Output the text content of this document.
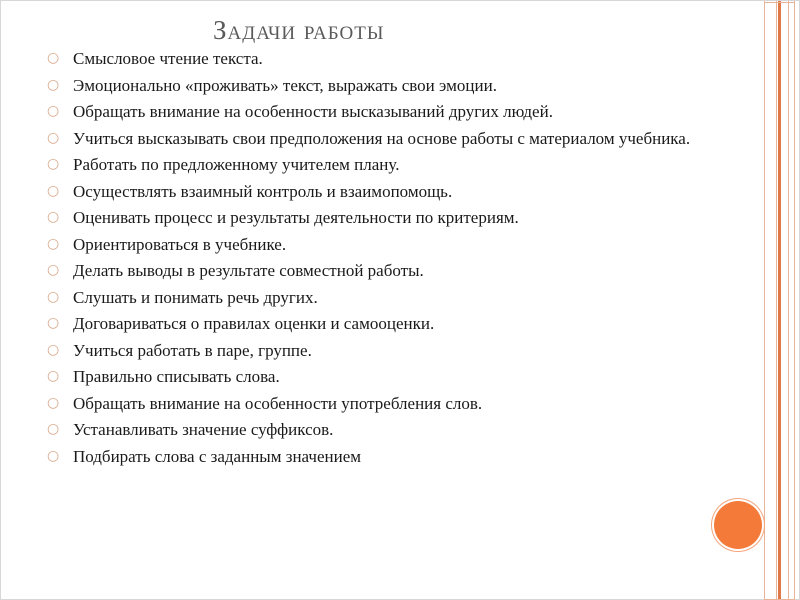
Задачи работы
○ Смысловое чтение текста.
○ Эмоционально «проживать» текст, выражать свои эмоции.
○ Обращать внимание на особенности высказываний других людей.
○ Учиться высказывать свои предположения на основе работы с материалом учебника.
○ Работать по предложенному учителем плану.
○ Осуществлять взаимный контроль и взаимопомощь.
○ Оценивать процесс и результаты деятельности по критериям.
○ Ориентироваться в учебнике.
○ Делать выводы в результате совместной работы.
○ Слушать и понимать речь других.
○ Договариваться о правилах оценки и самооценки.
○ Учиться работать в паре, группе.
○ Правильно списывать слова.
○ Обращать внимание на особенности употребления слов.
○ Устанавливать значение суффиксов.
○ Подбирать слова с заданным значением
